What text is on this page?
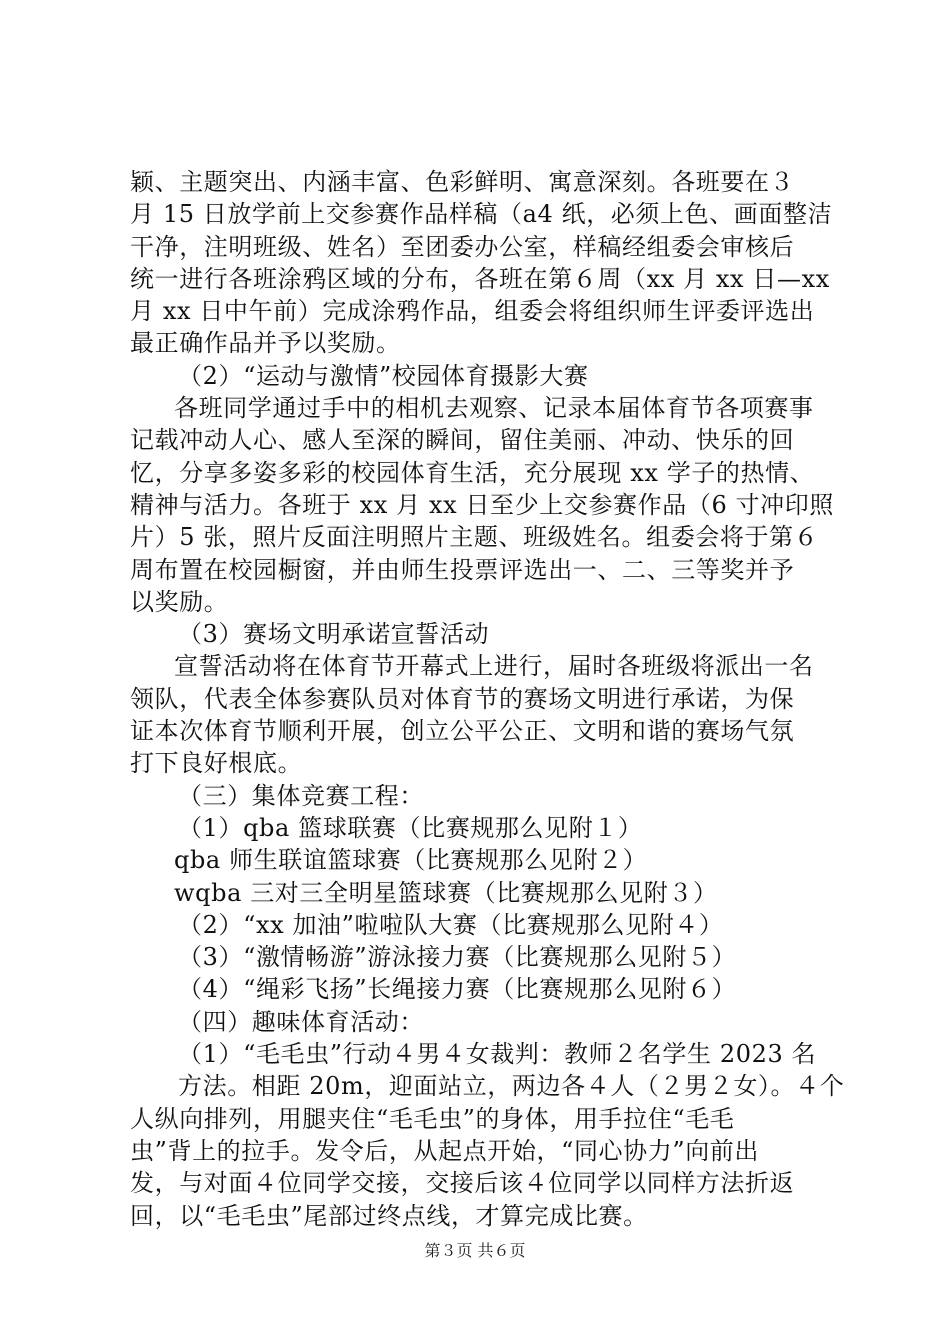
颖、主题突出、内涵丰富、色彩鲜明、寓意深刻。各班要在３
月 15 日放学前上交参赛作品样稿（a4 纸，必须上色、画面整洁
干净，注明班级、姓名）至团委办公室，样稿经组委会审核后
统一进行各班涂鸦区域的分布，各班在第６周（xx 月 xx 日—xx
月 xx 日中午前）完成涂鸦作品，组委会将组织师生评委评选出
最正确作品并予以奖励。
（2）“运动与激情”校园体育摄影大赛
各班同学通过手中的相机去观察、记录本届体育节各项赛事
记载冲动人心、感人至深的瞬间，留住美丽、冲动、快乐的回
忆，分享多姿多彩的校园体育生活，充分展现 xx 学子的热情、
精神与活力。各班于 xx 月 xx 日至少上交参赛作品（6 寸冲印照
片）5 张，照片反面注明照片主题、班级姓名。组委会将于第６
周布置在校园橱窗，并由师生投票评选出一、二、三等奖并予
以奖励。
（3）赛场文明承诺宣誓活动
宣誓活动将在体育节开幕式上进行，届时各班级将派出一名
领队，代表全体参赛队员对体育节的赛场文明进行承诺，为保
证本次体育节顺利开展，创立公平公正、文明和谐的赛场气氛
打下良好根底。
（三）集体竞赛工程：
（1）qba 篮球联赛（比赛规那么见附１）
qba 师生联谊篮球赛（比赛规那么见附２）
wqba 三对三全明星篮球赛（比赛规那么见附３）
（2）“xx 加油”啦啦队大赛（比赛规那么见附４）
（3）“激情畅游”游泳接力赛（比赛规那么见附５）
（4）“绳彩飞扬”长绳接力赛（比赛规那么见附６）
（四）趣味体育活动：
（1）“毛毛虫”行动４男４女裁判：教师２名学生 2023 名
方法。相距 20m，迎面站立，两边各４人（２男２女）。４个
人纵向排列，用腿夹住“毛毛虫”的身体，用手拉住“毛毛
虫”背上的拉手。发令后，从起点开始，“同心协力”向前出
发，与对面４位同学交接，交接后该４位同学以同样方法折返
回，以“毛毛虫”尾部过终点线，才算完成比赛。
第３页 共６页
